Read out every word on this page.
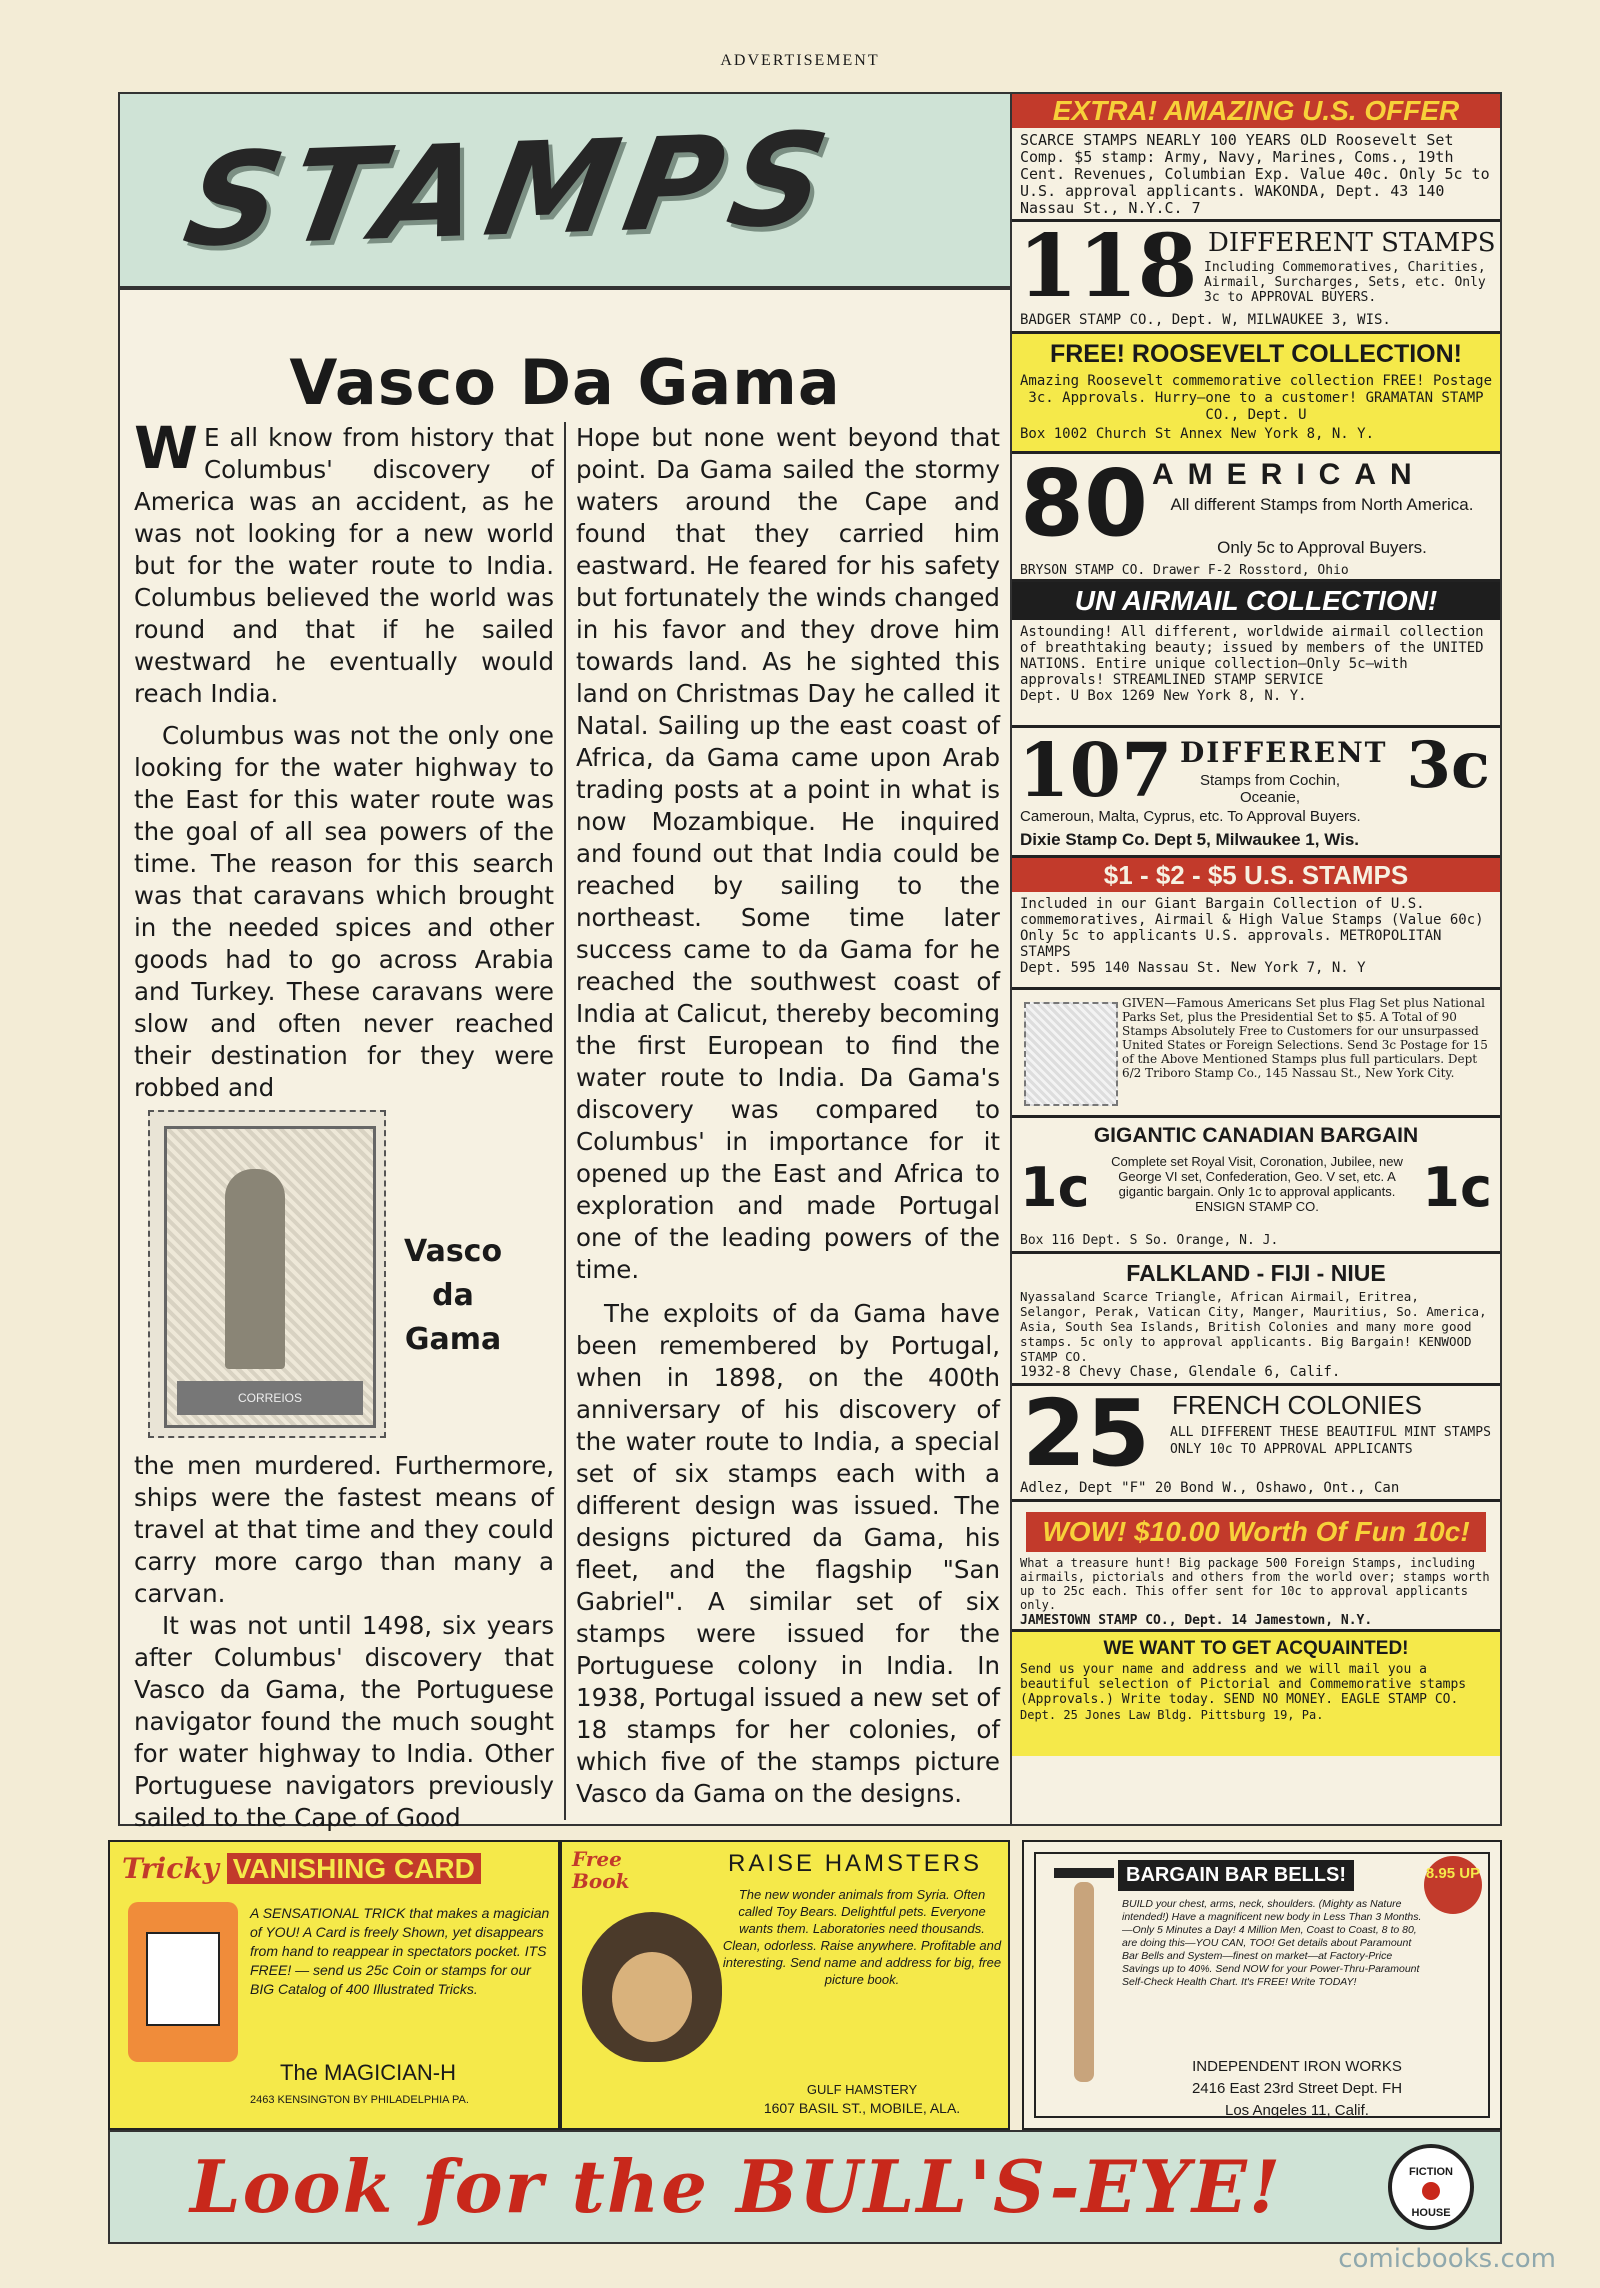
ADVERTISEMENT
STAMPS
Vasco Da Gama

W E all know from history that Columbus' discovery of America was an accident, as he was not looking for a new world but for the water route to India. Columbus believed the world was round and that if he sailed westward he eventually would reach India.

Columbus was not the only one looking for the water highway to the East for this water route was the goal of all sea powers of the time. The reason for this search was that caravans which brought in the needed spices and other goods had to go across Arabia and Turkey. These caravans were slow and often never reached their destination for they were robbed and

CORREIOS
Vasco
da
Gama

the men murdered. Furthermore, ships were the fastest means of travel at that time and they could carry more cargo than many a carvan.

It was not until 1498, six years after Columbus' discovery that Vasco da Gama, the Portuguese navigator found the much sought for water highway to India. Other Portuguese navigators previously sailed to the Cape of Good

Hope but none went beyond that point. Da Gama sailed the stormy waters around the Cape and found that they carried him eastward. He feared for his safety but fortunately the winds changed in his favor and they drove him towards land. As he sighted this land on Christmas Day he called it Natal. Sailing up the east coast of Africa, da Gama came upon Arab trading posts at a point in what is now Mozambique. He inquired and found out that India could be reached by sailing to the northeast. Some time later success came to da Gama for he reached the southwest coast of India at Calicut, thereby becoming the first European to find the water route to India. Da Gama's discovery was compared to Columbus' in importance for it opened up the East and Africa to exploration and made Portugal one of the leading powers of the time.

The exploits of da Gama have been remembered by Portugal, when in 1898, on the 400th anniversary of his discovery of the water route to India, a special set of six stamps each with a different design was issued. The designs pictured da Gama, his fleet, and the flagship "San Gabriel". A similar set of six stamps were issued for the Portuguese colony in India. In 1938, Portugal issued a new set of 18 stamps for her colonies, of which five of the stamps picture Vasco da Gama on the designs.

EXTRA! AMAZING U.S. OFFER
SCARCE STAMPS NEARLY 100 YEARS OLD Roosevelt Set Comp. $5 stamp: Army, Navy, Marines, Coms., 19th Cent. Revenues, Columbian Exp. Value 40c. Only 5c to U.S. approval applicants. WAKONDA, Dept. 43 140 Nassau St., N.Y.C. 7
118 DIFFERENT STAMPS
Including Commemoratives, Charities, Airmail, Surcharges, Sets, etc. Only 3c to APPROVAL BUYERS.
BADGER STAMP CO., Dept. W, MILWAUKEE 3, WIS.
FREE! ROOSEVELT COLLECTION!
Amazing Roosevelt commemorative collection FREE! Postage 3c. Approvals. Hurry—one to a customer! GRAMATAN STAMP CO., Dept. U
Box 1002 Church St Annex New York 8, N. Y.
80 AMERICAN
All different Stamps from North America.
Only 5c to Approval Buyers.
BRYSON STAMP CO. Drawer F-2 Rosstord, Ohio
UN AIRMAIL COLLECTION!
Astounding! All different, worldwide airmail collection of breathtaking beauty; issued by members of the UNITED NATIONS. Entire unique collection—Only 5c—with approvals! STREAMLINED STAMP SERVICE
Dept. U Box 1269 New York 8, N. Y.
107 DIFFERENT 3c
Stamps from Cochin, Oceanie,
Cameroun, Malta, Cyprus, etc. To Approval Buyers.
Dixie Stamp Co. Dept 5, Milwaukee 1, Wis.
$1 - $2 - $5 U.S. STAMPS
Included in our Giant Bargain Collection of U.S. commemoratives, Airmail & High Value Stamps (Value 60c) Only 5c to applicants U.S. approvals. METROPOLITAN STAMPS
Dept. 595 140 Nassau St. New York 7, N. Y
GIVEN—Famous Americans Set plus Flag Set plus National Parks Set, plus the Presidential Set to $5. A Total of 90 Stamps Absolutely Free to Customers for our unsurpassed United States or Foreign Selections. Send 3c Postage for 15 of the Above Mentioned Stamps plus full particulars. Dept 6/2 Triboro Stamp Co., 145 Nassau St., New York City.
GIGANTIC CANADIAN BARGAIN
1c	1c
Complete set Royal Visit, Coronation, Jubilee, new George VI set, Confederation, Geo. V set, etc. A gigantic bargain. Only 1c to approval applicants. ENSIGN STAMP CO.
Box 116 Dept. S So. Orange, N. J.
FALKLAND - FIJI - NIUE
Nyassaland Scarce Triangle, African Airmail, Eritrea, Selangor, Perak, Vatican City, Manger, Mauritius, So. America, Asia, South Sea Islands, British Colonies and many more good stamps. 5c only to approval applicants. Big Bargain! KENWOOD STAMP CO.
1932-8 Chevy Chase, Glendale 6, Calif.
25 FRENCH COLONIES
ALL DIFFERENT THESE BEAUTIFUL MINT STAMPS ONLY 10c TO APPROVAL APPLICANTS
Adlez, Dept "F" 20 Bond W., Oshawo, Ont., Can
WOW! $10.00 Worth Of Fun 10c!
What a treasure hunt! Big package 500 Foreign Stamps, including airmails, pictorials and others from the world over; stamps worth up to 25c each. This offer sent for 10c to approval applicants only.
JAMESTOWN STAMP CO., Dept. 14 Jamestown, N.Y.
WE WANT TO GET ACQUAINTED!
Send us your name and address and we will mail you a beautiful selection of Pictorial and Commemorative stamps (Approvals.) Write today. SEND NO MONEY. EAGLE STAMP CO.
Dept. 25 Jones Law Bldg. Pittsburg 19, Pa.
Tricky VANISHING CARD
A SENSATIONAL TRICK that makes a magician of YOU! A Card is freely Shown, yet disappears from hand to reappear in spectators pocket. ITS FREE! — send us 25c Coin or stamps for our BIG Catalog of 400 Illustrated Tricks.
The MAGICIAN-H
2463 KENSINGTON BY PHILADELPHIA PA.
Free Book
RAISE HAMSTERS
The new wonder animals from Syria. Often called Toy Bears. Delightful pets. Everyone wants them. Laboratories need thousands. Clean, odorless. Raise anywhere. Profitable and interesting. Send name and address for big, free picture book.
GULF HAMSTERY
1607 BASIL ST., MOBILE, ALA.
BARGAIN BAR BELLS!	8.95 UP
BUILD your chest, arms, neck, shoulders. (Mighty as Nature intended!) Have a magnificent new body in Less Than 3 Months.—Only 5 Minutes a Day! 4 Million Men, Coast to Coast, 8 to 80, are doing this—YOU CAN, TOO! Get details about Paramount Bar Bells and System—finest on market—at Factory-Price Savings up to 40%. Send NOW for your Power-Thru-Paramount Self-Check Health Chart. It's FREE! Write TODAY!
INDEPENDENT IRON WORKS
2416 East 23rd Street Dept. FH
Los Angeles 11, Calif.
Look for the BULL'S-EYE!	FICTION
HOUSE
comicbooks.com
